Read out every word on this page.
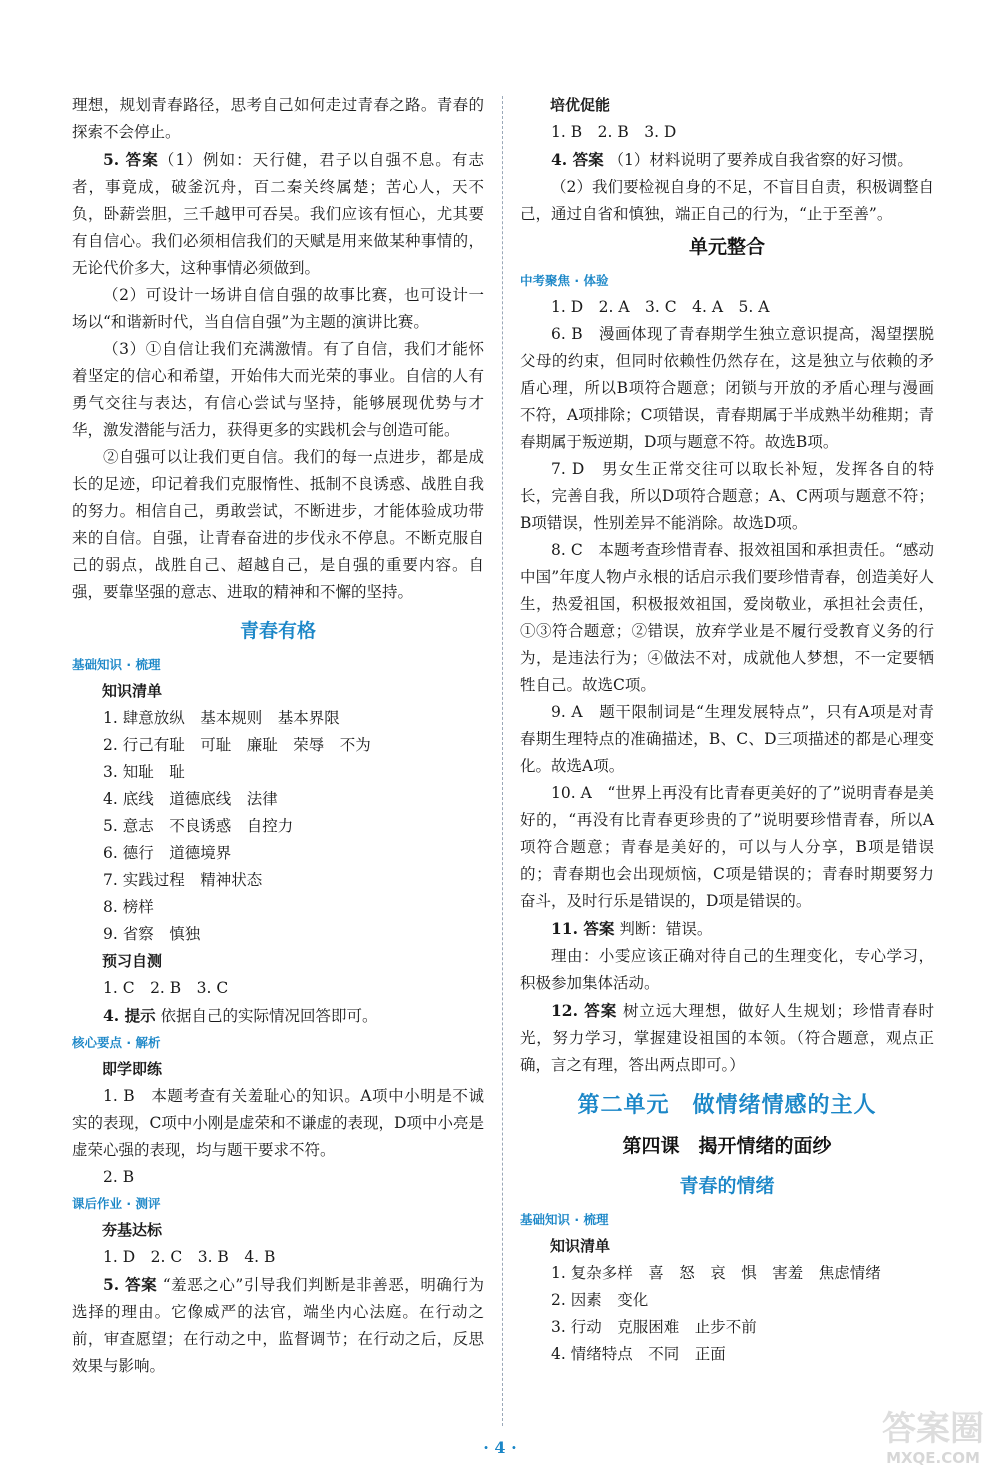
理想，规划青春路径，思考自己如何走过青春之路。青春的探索不会停止。

5. 答案（1）例如：天行健，君子以自强不息。有志者，事竟成，破釜沉舟，百二秦关终属楚；苦心人，天不负，卧薪尝胆，三千越甲可吞吴。我们应该有恒心，尤其要有自信心。我们必须相信我们的天赋是用来做某种事情的，无论代价多大，这种事情必须做到。

（2）可设计一场讲自信自强的故事比赛，也可设计一场以“和谐新时代，当自信自强”为主题的演讲比赛。

（3）①自信让我们充满激情。有了自信，我们才能怀着坚定的信心和希望，开始伟大而光荣的事业。自信的人有勇气交往与表达，有信心尝试与坚持，能够展现优势与才华，激发潜能与活力，获得更多的实践机会与创造可能。

②自强可以让我们更自信。我们的每一点进步，都是成长的足迹，印记着我们克服惰性、抵制不良诱惑、战胜自我的努力。相信自己，勇敢尝试，不断进步，才能体验成功带来的自信。自强，让青春奋进的步伐永不停息。不断克服自己的弱点，战胜自己、超越自己，是自强的重要内容。自强，要靠坚强的意志、进取的精神和不懈的坚持。

青春有格
基础知识 · 梳理

知识清单

1. 肆意放纵　基本规则　基本界限

2. 行己有耻　可耻　廉耻　荣辱　不为

3. 知耻　耻

4. 底线　道德底线　法律

5. 意志　不良诱惑　自控力

6. 德行　道德境界

7. 实践过程　精神状态

8. 榜样

9. 省察　慎独

预习自测

1. C　2. B　3. C

4. 提示 依据自己的实际情况回答即可。

核心要点 · 解析

即学即练

1. B　本题考查有关羞耻心的知识。A项中小明是不诚实的表现，C项中小刚是虚荣和不谦虚的表现，D项中小亮是虚荣心强的表现，均与题干要求不符。

2. B

课后作业 · 测评

夯基达标

1. D　2. C　3. B　4. B

5. 答案 “羞恶之心”引导我们判断是非善恶，明确行为选择的理由。它像威严的法官，端坐内心法庭。在行动之前，审查愿望；在行动之中，监督调节；在行动之后，反思效果与影响。

培优促能

1. B　2. B　3. D

4. 答案 （1）材料说明了要养成自我省察的好习惯。

（2）我们要检视自身的不足，不盲目自责，积极调整自己，通过自省和慎独，端正自己的行为，“止于至善”。

单元整合
中考聚焦 · 体验

1. D　2. A　3. C　4. A　5. A

6. B　漫画体现了青春期学生独立意识提高，渴望摆脱父母的约束，但同时依赖性仍然存在，这是独立与依赖的矛盾心理，所以B项符合题意；闭锁与开放的矛盾心理与漫画不符，A项排除；C项错误，青春期属于半成熟半幼稚期；青春期属于叛逆期，D项与题意不符。故选B项。

7. D　男女生正常交往可以取长补短，发挥各自的特长，完善自我，所以D项符合题意；A、C两项与题意不符；B项错误，性别差异不能消除。故选D项。

8. C　本题考查珍惜青春、报效祖国和承担责任。“感动中国”年度人物卢永根的话启示我们要珍惜青春，创造美好人生，热爱祖国，积极报效祖国，爱岗敬业，承担社会责任，①③符合题意；②错误，放弃学业是不履行受教育义务的行为，是违法行为；④做法不对，成就他人梦想，不一定要牺牲自己。故选C项。

9. A　题干限制词是“生理发展特点”，只有A项是对青春期生理特点的准确描述，B、C、D三项描述的都是心理变化。故选A项。

10. A　“世界上再没有比青春更美好的了”说明青春是美好的，“再没有比青春更珍贵的了”说明要珍惜青春，所以A项符合题意；青春是美好的，可以与人分享，B项是错误的；青春期也会出现烦恼，C项是错误的；青春时期要努力奋斗，及时行乐是错误的，D项是错误的。

11. 答案 判断：错误。

理由：小雯应该正确对待自己的生理变化，专心学习，积极参加集体活动。

12. 答案 树立远大理想，做好人生规划；珍惜青春时光，努力学习，掌握建设祖国的本领。（符合题意，观点正确，言之有理，答出两点即可。）

第二单元　做情绪情感的主人
第四课　揭开情绪的面纱
青春的情绪
基础知识 · 梳理

知识清单

1. 复杂多样　喜　怒　哀　惧　害羞　焦虑情绪

2. 因素　变化

3. 行动　克服困难　止步不前

4. 情绪特点　不同　正面

· 4 ·	答案圈
MXQE.COM
